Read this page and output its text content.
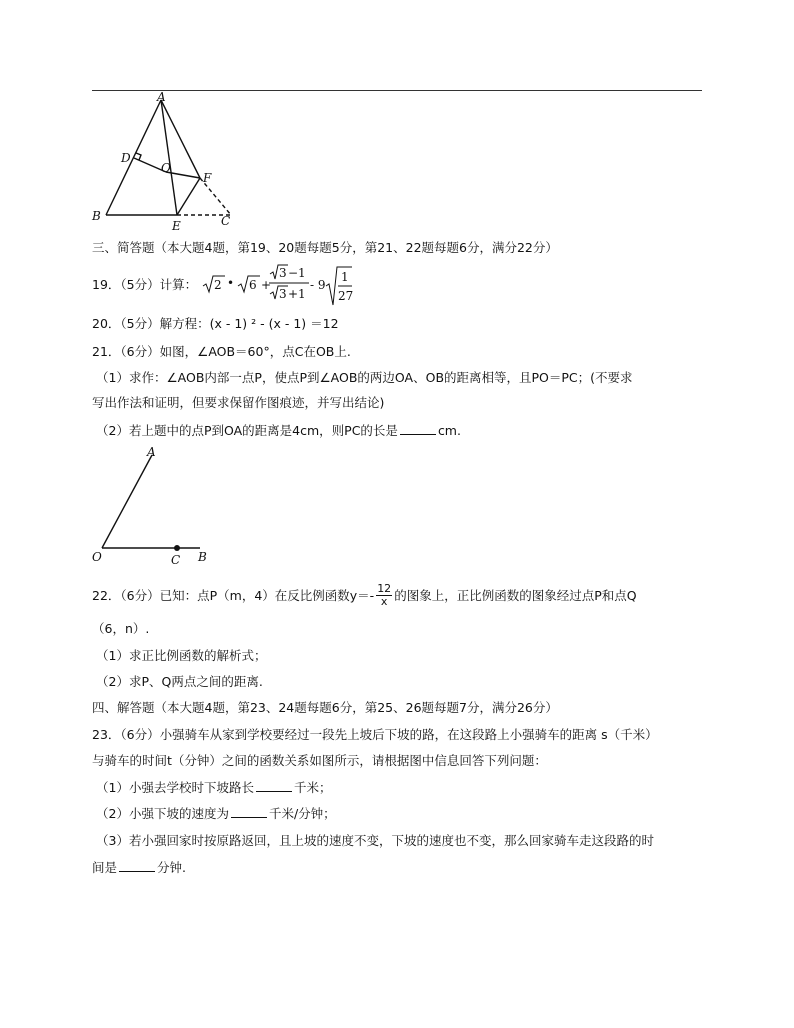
A
D
O
F
B
E	C
三、简答题（本大题4题，第19、20题每题5分，第21、22题每题6分，满分22分）
19．（5分）计算： 2 • 6 +
3 −1
3 +1
- 9
1
27
20．（5分）解方程：(x - 1) ² - (x - 1) ＝12
21．（6分）如图，∠AOB＝60°，点C在OB上.
（1）求作：∠AOB内部一点P，使点P到∠AOB的两边OA、OB的距离相等，且PO＝PC；(不要求
写出作法和证明，但要求保留作图痕迹，并写出结论)
（2）若上题中的点P到OA的距离是4cm，则PC的长是	cm.
A
O	C B
22．（6分）已知：点P（m，4）在反比例函数$y=- \frac{12}{x}$ 的图象上，正比例函数的图象经过点P和点Q
（6，n）.
（1）求正比例函数的解析式；
（2）求P、Q两点之间的距离.
四、解答题（本大题4题，第23、24题每题6分，第25、26题每题7分，满分26分）
23．（6分）小强骑车从家到学校要经过一段先上坡后下坡的路，在这段路上小强骑车的距离 s（千米）
与骑车的时间t（分钟）之间的函数关系如图所示，请根据图中信息回答下列问题：
（1）小强去学校时下坡路长	千米；
（2）小强下坡的速度为	千米/分钟；
（3）若小强回家时按原路返回，且上坡的速度不变，下坡的速度也不变，那么回家骑车走这段路的时
间是	分钟.
